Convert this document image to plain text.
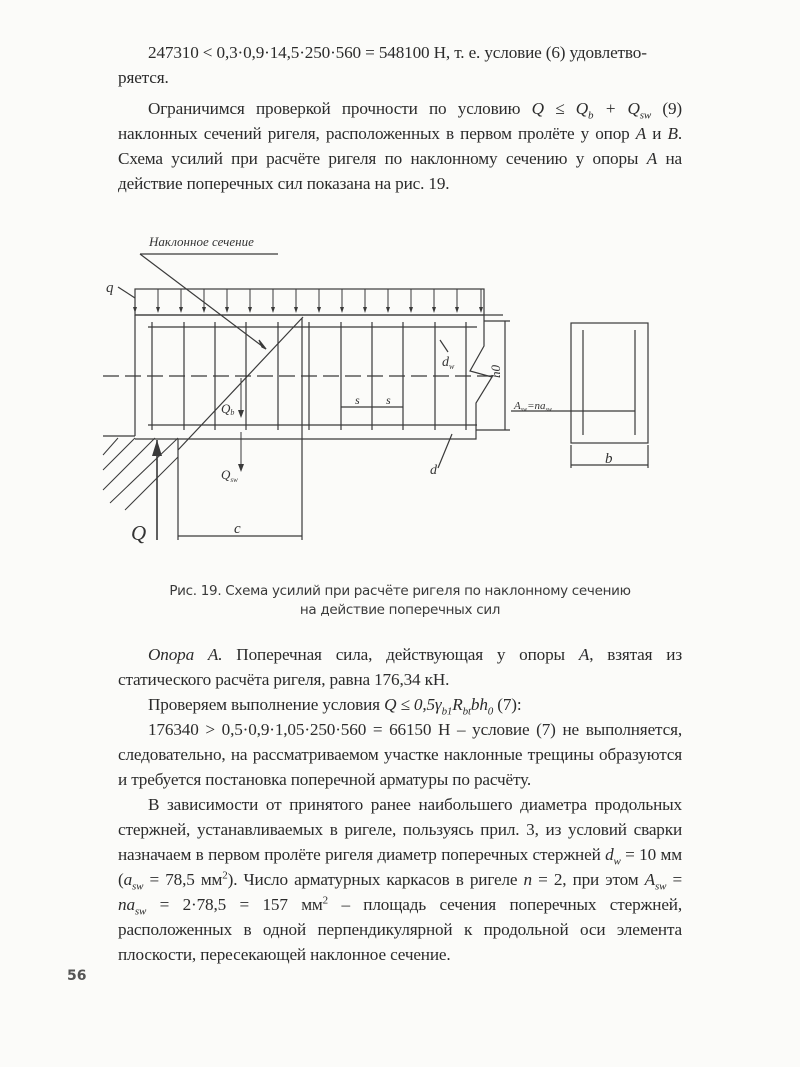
247310 < 0,3·0,9·14,5·250·560 = 548100 Н, т. е. условие (6) удовлетво-
ряется.
Ограничимся проверкой прочности по условию $Q \le Q_b + Q_{sw}$ (9) наклонных сечений ригеля, расположенных в первом пролёте у опор A и B. Схема усилий при расчёте ригеля по наклонному сечению у опоры A на действие поперечных сил показана на рис. 19.
Наклонное сечение
q
$d_w$	h0
s s
Qb
$Q_{sw}$
d
Q	c
Asw=nasw
b
Рис. 19. Схема усилий при расчёте ригеля по наклонному сечению
на действие поперечных сил
Опора А. Поперечная сила, действующая у опоры A, взятая из статического расчёта ригеля, равна 176,34 кН.
Проверяем выполнение условия $Q \le 0,5\gamma_{b1}R_{bt}bh_0$ (7):
176340 > 0,5·0,9·1,05·250·560 = 66150 Н – условие (7) не выполняется, следовательно, на рассматриваемом участке наклонные трещины образуются и требуется постановка поперечной арматуры по расчёту.
В зависимости от принятого ранее наибольшего диаметра продольных стержней, устанавливаемых в ригеле, пользуясь прил. 3, из условий сварки назначаем в первом пролёте ригеля диаметр поперечных стержней $d_w = 10$ мм ($a_{sw} = 78,5$ $мм^2$). Число арматурных каркасов в ригеле n = 2, при этом $A_{sw} = na_{sw} = 2\cdot 78,5 = 157$ $мм^2$ – площадь сечения поперечных стержней, расположенных в одной перпендикулярной к продольной оси элемента плоскости, пересекающей наклонное сечение.
56
